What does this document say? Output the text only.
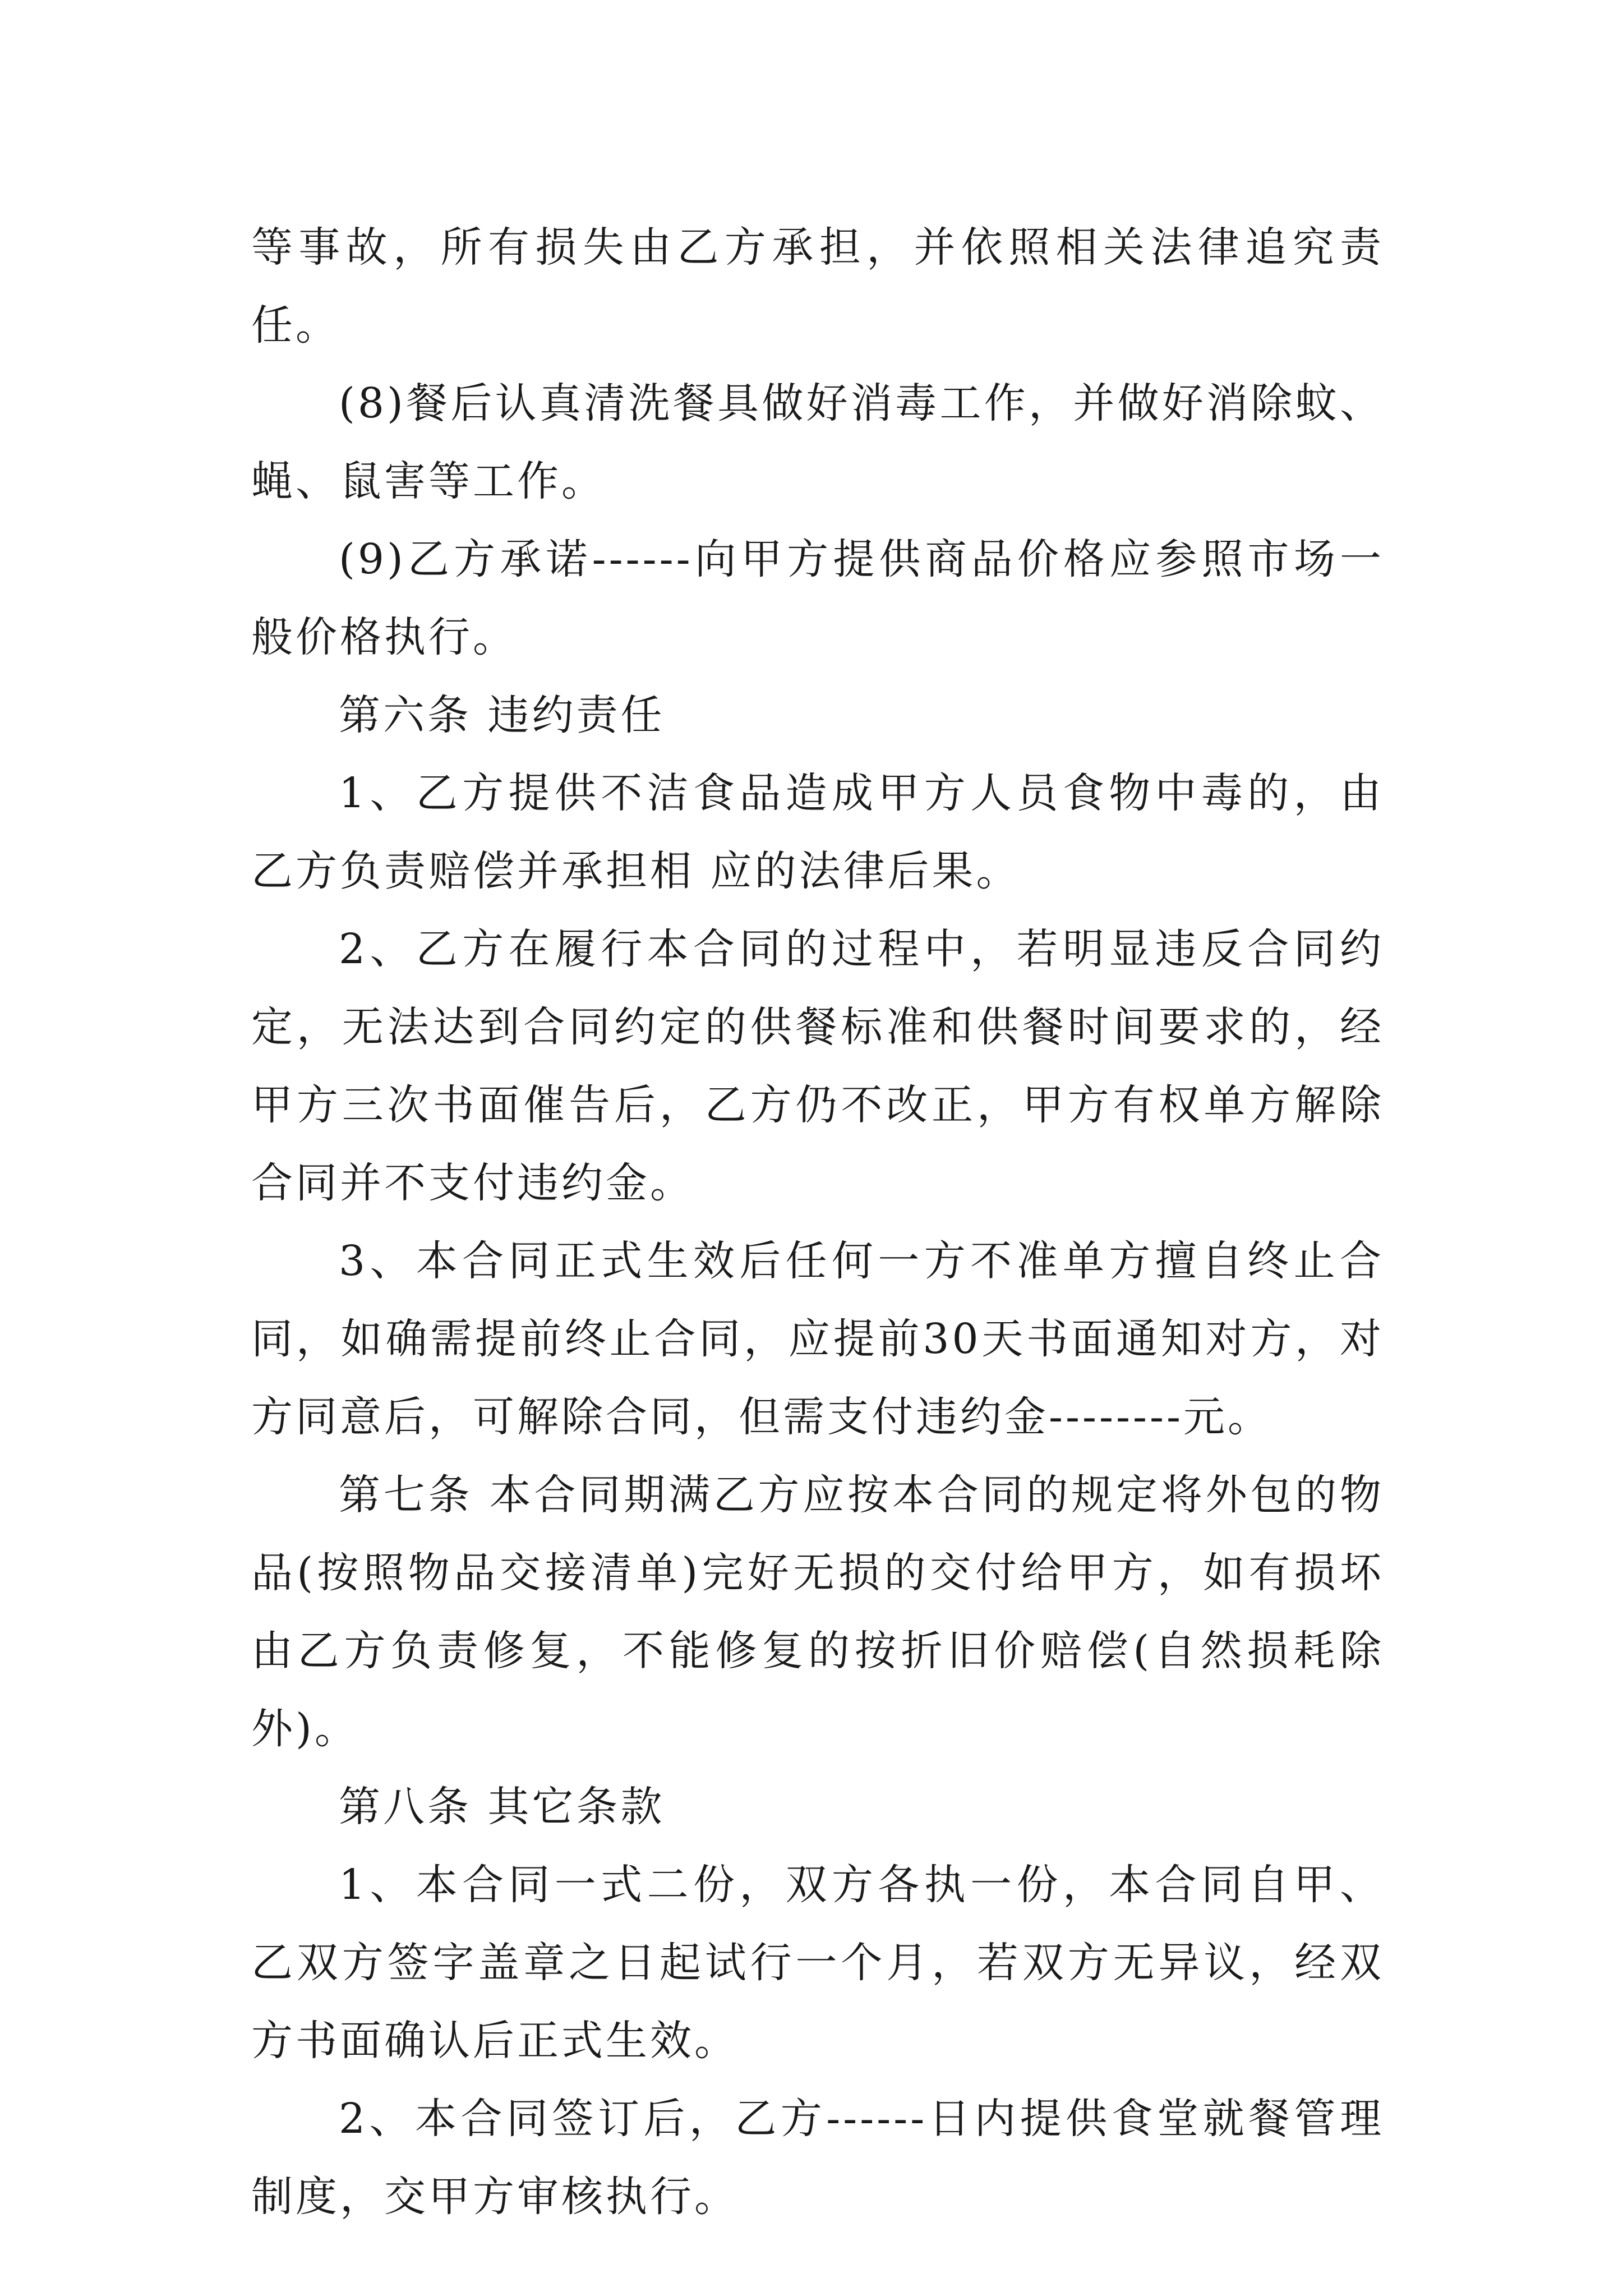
等事故，所有损失由乙方承担，并依照相关法律追究责任。

(8)餐后认真清洗餐具做好消毒工作，并做好消除蚊、蝇、鼠害等工作。

(9)乙方承诺------向甲方提供商品价格应参照市场一般价格执行。

第六条 违约责任

1、乙方提供不洁食品造成甲方人员食物中毒的，由乙方负责赔偿并承担相 应的法律后果。

2、乙方在履行本合同的过程中，若明显违反合同约定，无法达到合同约定的供餐标准和供餐时间要求的，经甲方三次书面催告后，乙方仍不改正，甲方有权单方解除合同并不支付违约金。

3、本合同正式生效后任何一方不准单方擅自终止合同，如确需提前终止合同，应提前30天书面通知对方，对方同意后，可解除合同，但需支付违约金--------元。

第七条 本合同期满乙方应按本合同的规定将外包的物品(按照物品交接清单)完好无损的交付给甲方，如有损坏由乙方负责修复，不能修复的按折旧价赔偿(自然损耗除外)。

第八条 其它条款

1、本合同一式二份，双方各执一份，本合同自甲、乙双方签字盖章之日起试行一个月，若双方无异议，经双方书面确认后正式生效。

2、本合同签订后，乙方------日内提供食堂就餐管理制度，交甲方审核执行。
